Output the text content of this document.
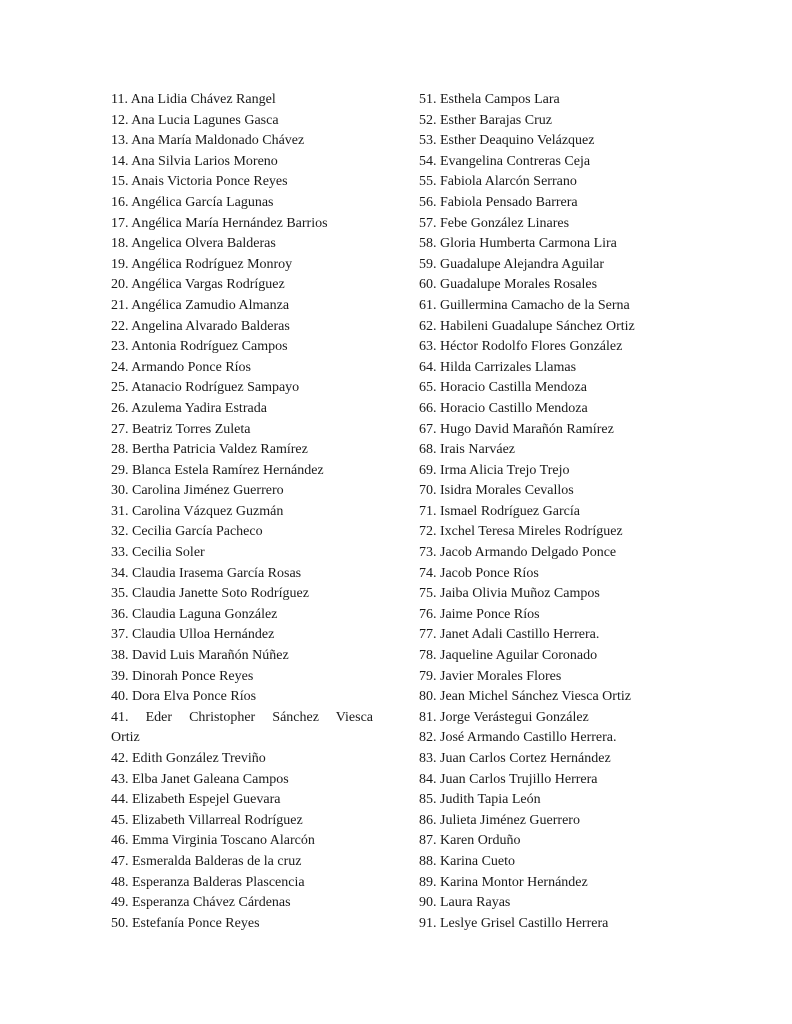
11. Ana Lidia Chávez Rangel
12. Ana Lucia Lagunes Gasca
13. Ana María Maldonado Chávez
14. Ana Silvia Larios Moreno
15. Anais Victoria Ponce Reyes
16. Angélica García Lagunas
17. Angélica María Hernández Barrios
18. Angelica Olvera Balderas
19. Angélica Rodríguez Monroy
20. Angélica Vargas Rodríguez
21. Angélica Zamudio Almanza
22. Angelina Alvarado Balderas
23. Antonia Rodríguez Campos
24. Armando Ponce Ríos
25. Atanacio Rodríguez Sampayo
26. Azulema Yadira Estrada
27. Beatriz Torres Zuleta
28. Bertha Patricia Valdez Ramírez
29. Blanca Estela Ramírez Hernández
30. Carolina Jiménez Guerrero
31. Carolina Vázquez Guzmán
32. Cecilia García Pacheco
33. Cecilia Soler
34. Claudia Irasema García Rosas
35. Claudia Janette Soto Rodríguez
36. Claudia Laguna González
37. Claudia Ulloa Hernández
38. David Luis Marañón Núñez
39. Dinorah Ponce Reyes
40. Dora Elva Ponce Ríos
41. Eder Christopher Sánchez Viesca
Ortiz
42. Edith González Treviño
43. Elba Janet Galeana Campos
44. Elizabeth Espejel Guevara
45. Elizabeth Villarreal Rodríguez
46. Emma Virginia Toscano Alarcón
47. Esmeralda Balderas de la cruz
48. Esperanza Balderas Plascencia
49. Esperanza Chávez Cárdenas
50. Estefanía Ponce Reyes
51. Esthela Campos Lara
52. Esther Barajas Cruz
53. Esther Deaquino Velázquez
54. Evangelina Contreras Ceja
55. Fabiola Alarcón Serrano
56. Fabiola Pensado Barrera
57. Febe González Linares
58. Gloria Humberta Carmona Lira
59. Guadalupe Alejandra Aguilar
60. Guadalupe Morales Rosales
61. Guillermina Camacho de la Serna
62. Habileni Guadalupe Sánchez Ortiz
63. Héctor Rodolfo Flores González
64. Hilda Carrizales Llamas
65. Horacio Castilla Mendoza
66. Horacio Castillo Mendoza
67. Hugo David Marañón Ramírez
68. Irais Narváez
69. Irma Alicia Trejo Trejo
70. Isidra Morales Cevallos
71. Ismael Rodríguez García
72. Ixchel Teresa Mireles Rodríguez
73. Jacob Armando Delgado Ponce
74. Jacob Ponce Ríos
75. Jaiba Olivia Muñoz Campos
76. Jaime Ponce Ríos
77. Janet Adali Castillo Herrera.
78. Jaqueline Aguilar Coronado
79. Javier Morales Flores
80. Jean Michel Sánchez Viesca Ortiz
81. Jorge Verástegui González
82. José Armando Castillo Herrera.
83. Juan Carlos Cortez Hernández
84. Juan Carlos Trujillo Herrera
85. Judith Tapia León
86. Julieta Jiménez Guerrero
87. Karen Orduño
88. Karina Cueto
89. Karina Montor Hernández
90. Laura Rayas
91. Leslye Grisel Castillo Herrera
